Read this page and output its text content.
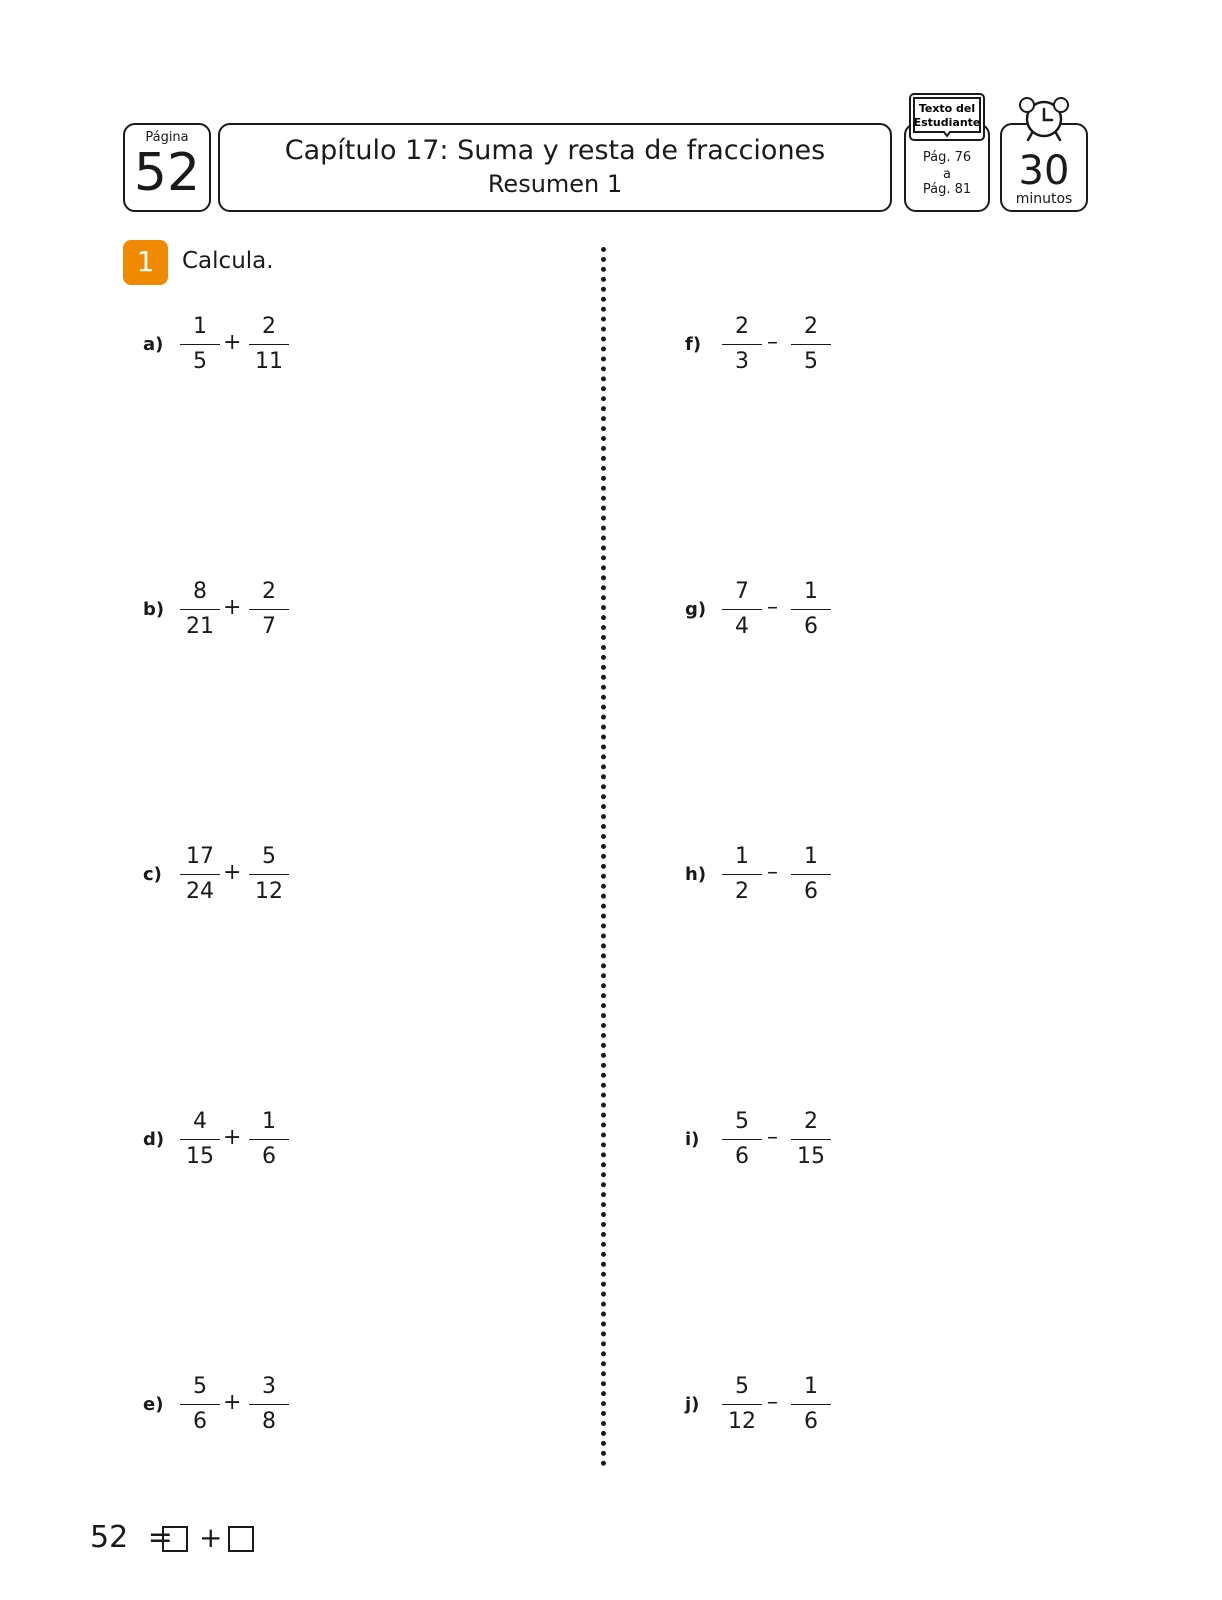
Página
52	Capítulo 17: Suma y resta de fracciones
Resumen 1
Pág. 76
a
Pág. 81
Texto del
Estudiante
30
minutos
1	Calcula.
a)
1
5
+
2
11
b)
8
21
+
2
7
c)
17
24
+
5
12
d)
4
15
+
1
6
e)
5
6
+
3
8
f)
2
3
–
2
5
g)
7
4
–
1
6
h)
1
2
–
1
6
i)
5
6
–
2
15
j)
5
12
–
1
6
52 = +
